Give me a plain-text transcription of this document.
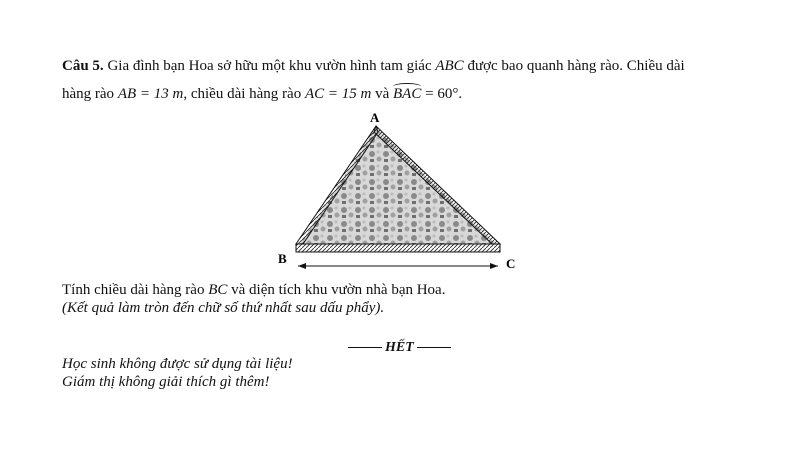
Câu 5. Gia đình bạn Hoa sở hữu một khu vườn hình tam giác ABC được bao quanh hàng rào. Chiều dài
hàng rào AB = 13 m, chiều dài hàng rào AC = 15 m và BAC = 60°.
A
B	C
Tính chiều dài hàng rào BC và diện tích khu vườn nhà bạn Hoa.
(Kết quả làm tròn đến chữ số thứ nhất sau dấu phẩy).
HẾT
Học sinh không được sử dụng tài liệu!
Giám thị không giải thích gì thêm!
